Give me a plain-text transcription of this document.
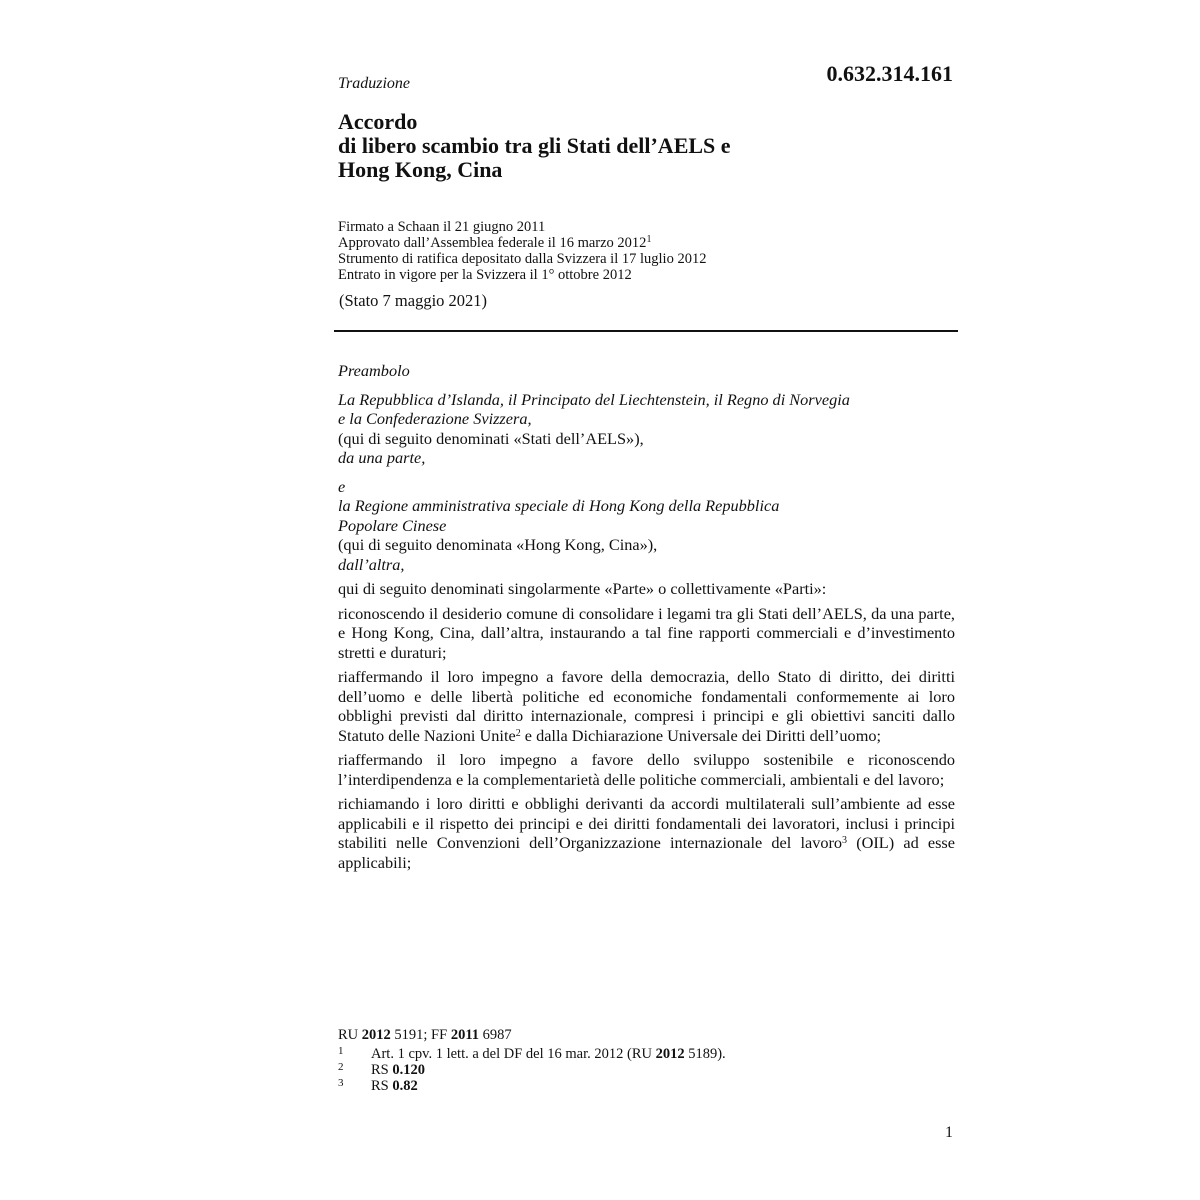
Traduzione	0.632.314.161
Accordo
di libero scambio tra gli Stati dell’AELS e
Hong Kong, Cina
Firmato a Schaan il 21 giugno 2011
Approvato dall’Assemblea federale il 16 marzo 2012$^1$
Strumento di ratifica depositato dalla Svizzera il 17 luglio 2012
Entrato in vigore per la Svizzera il 1° ottobre 2012
(Stato 7 maggio 2021)

Preambolo

La Repubblica d’Islanda, il Principato del Liechtenstein, il Regno di Norvegia
e la Confederazione Svizzera,

(qui di seguito denominati «Stati dell’AELS»),

da una parte,

e

la Regione amministrativa speciale di Hong Kong della Repubblica
Popolare Cinese

(qui di seguito denominata «Hong Kong, Cina»),

dall’altra,

qui di seguito denominati singolarmente «Parte» o collettivamente «Parti»:

riconoscendo il desiderio comune di consolidare i legami tra gli Stati dell’AELS, da una parte, e Hong Kong, Cina, dall’altra, instaurando a tal fine rapporti commerciali e d’investimento stretti e duraturi;

riaffermando il loro impegno a favore della democrazia, dello Stato di diritto, dei diritti dell’uomo e delle libertà politiche ed economiche fondamentali conformemente ai loro obblighi previsti dal diritto internazionale, compresi i principi e gli obiettivi sanciti dallo Statuto delle Nazioni Unite$^2$ e dalla Dichiarazione Universale dei Diritti dell’uomo;

riaffermando il loro impegno a favore dello sviluppo sostenibile e riconoscendo l’interdipendenza e la complementarietà delle politiche commerciali, ambientali e del lavoro;

richiamando i loro diritti e obblighi derivanti da accordi multilaterali sull’ambiente ad esse applicabili e il rispetto dei principi e dei diritti fondamentali dei lavoratori, inclusi i principi stabiliti nelle Convenzioni dell’Organizzazione internazionale del lavoro$^3$ (OIL) ad esse applicabili;

RU 2012 5191; FF 2011 6987
1	Art. 1 cpv. 1 lett. a del DF del 16 mar. 2012 (RU 2012 5189).
2	RS 0.120
3	RS 0.82
1
